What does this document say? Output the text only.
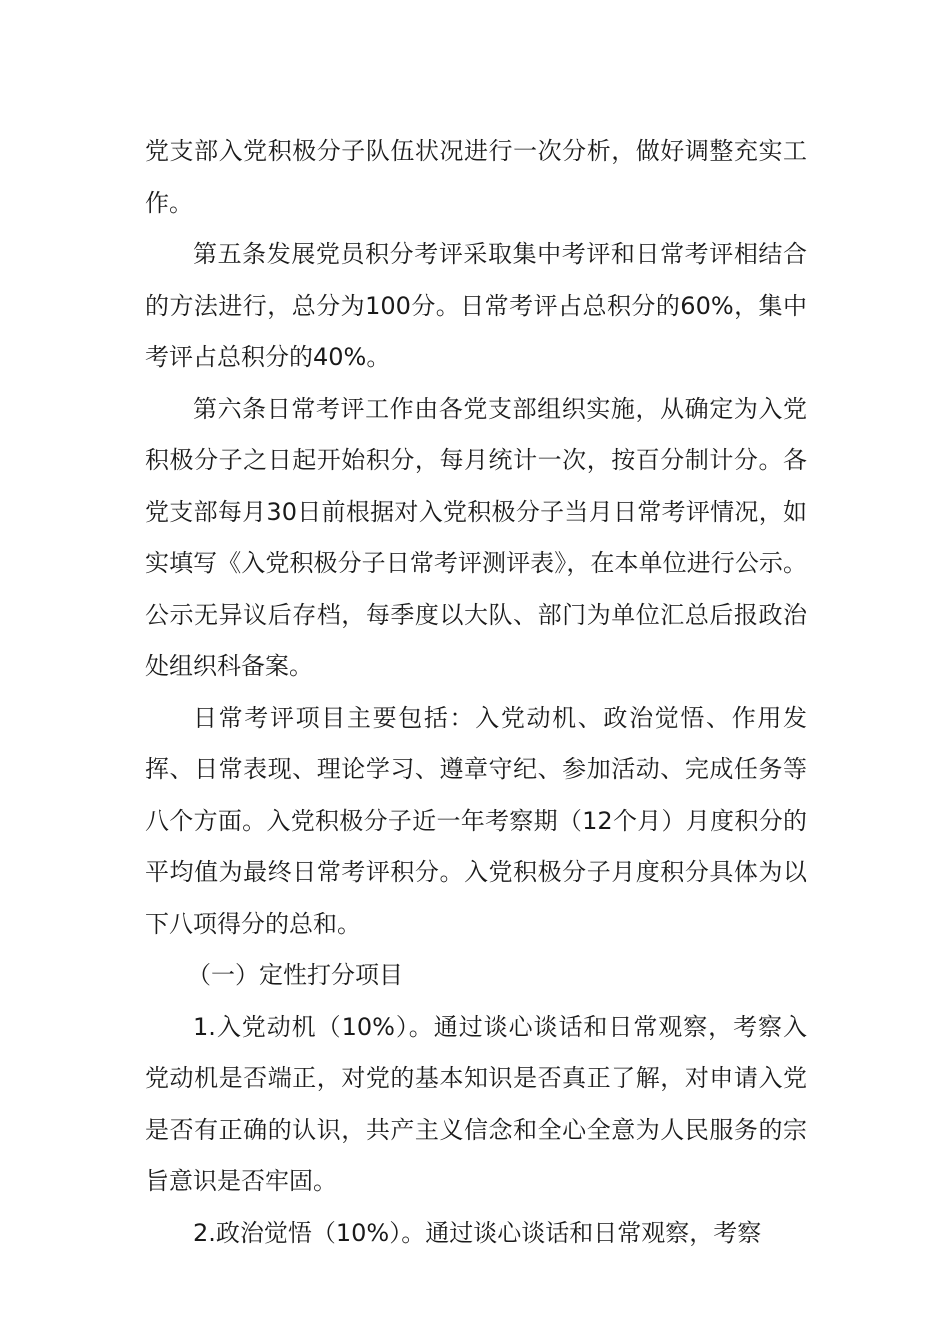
党支部入党积极分子队伍状况进行一次分析，做好调整充实工作。

第五条发展党员积分考评采取集中考评和日常考评相结合的方法进行，总分为100分。日常考评占总积分的60%，集中考评占总积分的40%。

第六条日常考评工作由各党支部组织实施，从确定为入党积极分子之日起开始积分，每月统计一次，按百分制计分。各党支部每月30日前根据对入党积极分子当月日常考评情况，如实填写《入党积极分子日常考评测评表》，在本单位进行公示。公示无异议后存档，每季度以大队、部门为单位汇总后报政治处组织科备案。

日常考评项目主要包括：入党动机、政治觉悟、作用发挥、日常表现、理论学习、遵章守纪、参加活动、完成任务等八个方面。入党积极分子近一年考察期（12个月）月度积分的平均值为最终日常考评积分。入党积极分子月度积分具体为以下八项得分的总和。

（一）定性打分项目

1.入党动机（10%）。通过谈心谈话和日常观察，考察入党动机是否端正，对党的基本知识是否真正了解，对申请入党是否有正确的认识，共产主义信念和全心全意为人民服务的宗旨意识是否牢固。

2.政治觉悟（10%）。通过谈心谈话和日常观察，考察
